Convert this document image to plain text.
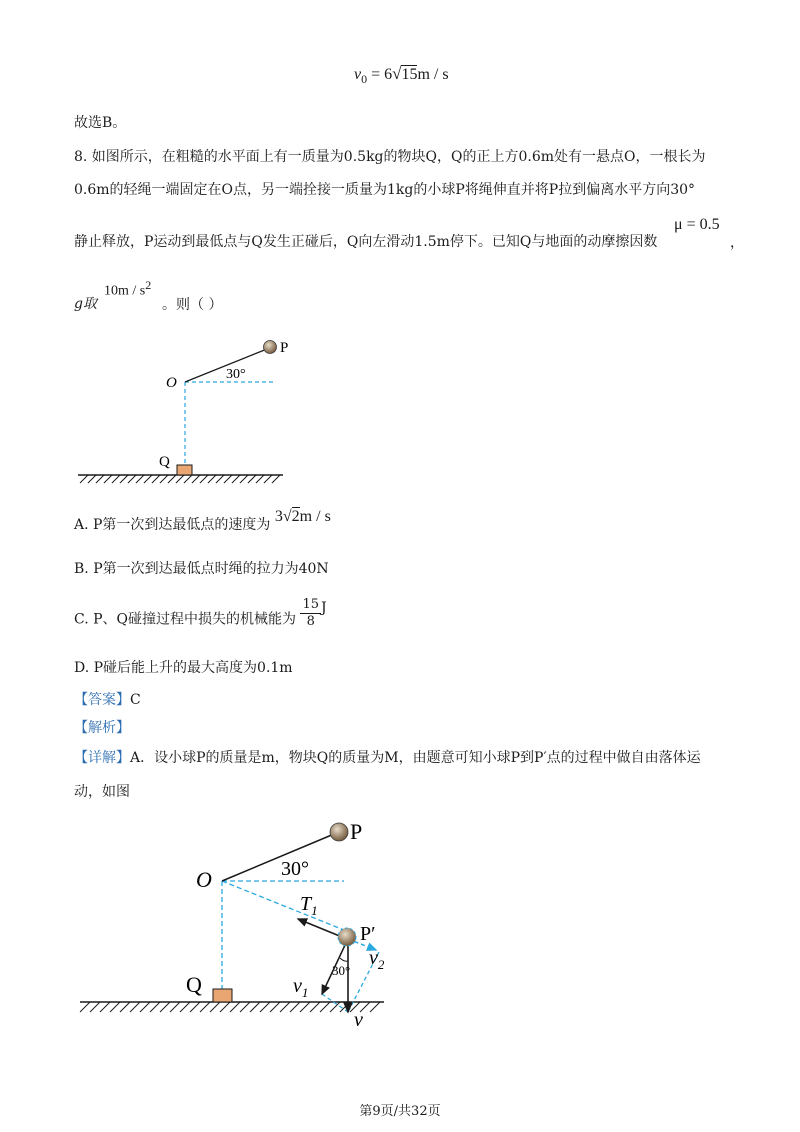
$v_0 = 6√15m / s$
故选B。
8. 如图所示，在粗糙的水平面上有一质量为0.5kg的物块Q，Q的正上方0.6m处有一悬点O，一根长为
0.6m的轻绳一端固定在O点，另一端拴接一质量为1kg的小球P将绳伸直并将P拉到偏离水平方向30°
静止释放，P运动到最低点与Q发生正碰后，Q向左滑动1.5m停下。已知Q与地面的动摩擦因数
μ = 0.5
，
g取
$10m / s^2$
。则（ ）
P
O
Q
30°
A. P第一次到达最低点的速度为 3√2m / s
B. P第一次到达最低点时绳的拉力为40N
C. P、Q碰撞过程中损失的机械能为 $\frac{15}{8}$ J
D. P碰后能上升的最大高度为0.1m
【答案】C
【解析】
【详解】A．设小球P的质量是m，物块Q的质量为M，由题意可知小球P到P′点的过程中做自由落体运
动，如图
P
O
Q
30°
$T_1$
P′
$v_2$
30°
$v_1$
v
第9页/共32页
